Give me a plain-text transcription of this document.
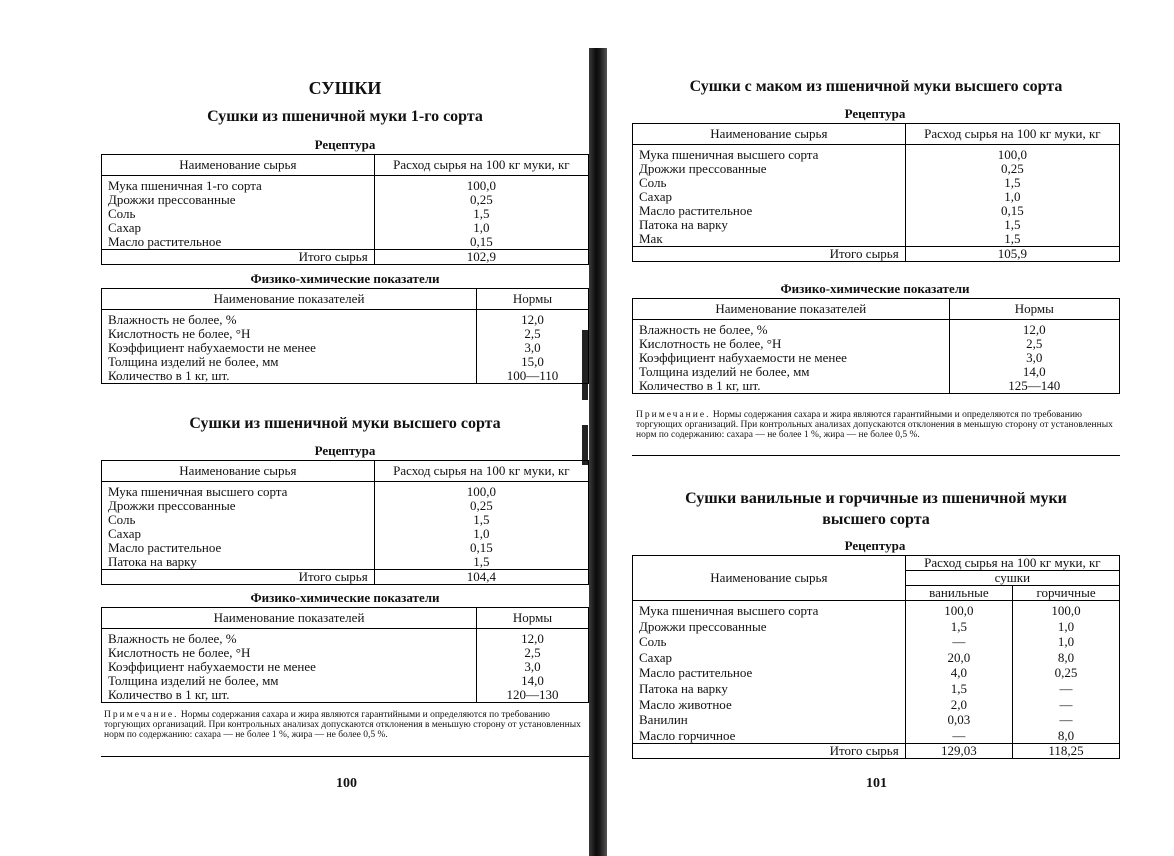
СУШКИ
Сушки из пшеничной муки 1-го сорта
Рецептура
Наименование сырья	Расход сырья на 100 кг муки, кг
Мука пшеничная 1-го сорта	100,0
Дрожжи прессованные	0,25
Соль	1,5
Сахар	1,0
Масло растительное	0,15
Итого сырья	102,9
Физико-химические показатели
Наименование показателей	Нормы
Влажность не более, %	12,0
Кислотность не более, °Н	2,5
Коэффициент набухаемости не менее	3,0
Толщина изделий не более, мм	15,0
Количество в 1 кг, шт.	100—110
Сушки из пшеничной муки высшего сорта
Рецептура
Наименование сырья	Расход сырья на 100 кг муки, кг
Мука пшеничная высшего сорта	100,0
Дрожжи прессованные	0,25
Соль	1,5
Сахар	1,0
Масло растительное	0,15
Патока на варку	1,5
Итого сырья	104,4
Физико-химические показатели
Наименование показателей	Нормы
Влажность не более, %	12,0
Кислотность не более, °Н	2,5
Коэффициент набухаемости не менее	3,0
Толщина изделий не более, мм	14,0
Количество в 1 кг, шт.	120—130
Примечание. Нормы содержания сахара и жира являются гарантийными и определяются по требованию торгующих организаций. При контрольных анализах допускаются отклонения в меньшую сторону от установленных норм по содержанию: сахара — не более 1 %, жира — не более 0,5 %.
100
Сушки с маком из пшеничной муки высшего сорта
Рецептура
Наименование сырья	Расход сырья на 100 кг муки, кг
Мука пшеничная высшего сорта	100,0
Дрожжи прессованные	0,25
Соль	1,5
Сахар	1,0
Масло растительное	0,15
Патока на варку	1,5
Мак	1,5
Итого сырья	105,9
Физико-химические показатели
Наименование показателей	Нормы
Влажность не более, %	12,0
Кислотность не более, °Н	2,5
Коэффициент набухаемости не менее	3,0
Толщина изделий не более, мм	14,0
Количество в 1 кг, шт.	125—140
Примечание. Нормы содержания сахара и жира являются гарантийными и определяются по требованию торгующих организаций. При контрольных анализах допускаются отклонения в меньшую сторону от установленных норм по содержанию: сахара — не более 1 %, жира — не более 0,5 %.
Сушки ванильные и горчичные из пшеничной муки
высшего сорта
Рецептура
Наименование сырья	Расход сырья на 100 кг муки, кг	
	сушки	
	ванильные	горчичные
Мука пшеничная высшего сорта	100,0	100,0
Дрожжи прессованные	1,5	1,0
Соль	—	1,0
Сахар	20,0	8,0
Масло растительное	4,0	0,25
Патока на варку	1,5	—
Масло животное	2,0	—
Ванилин	0,03	—
Масло горчичное	—	8,0
Итого сырья	129,03	118,25
101
